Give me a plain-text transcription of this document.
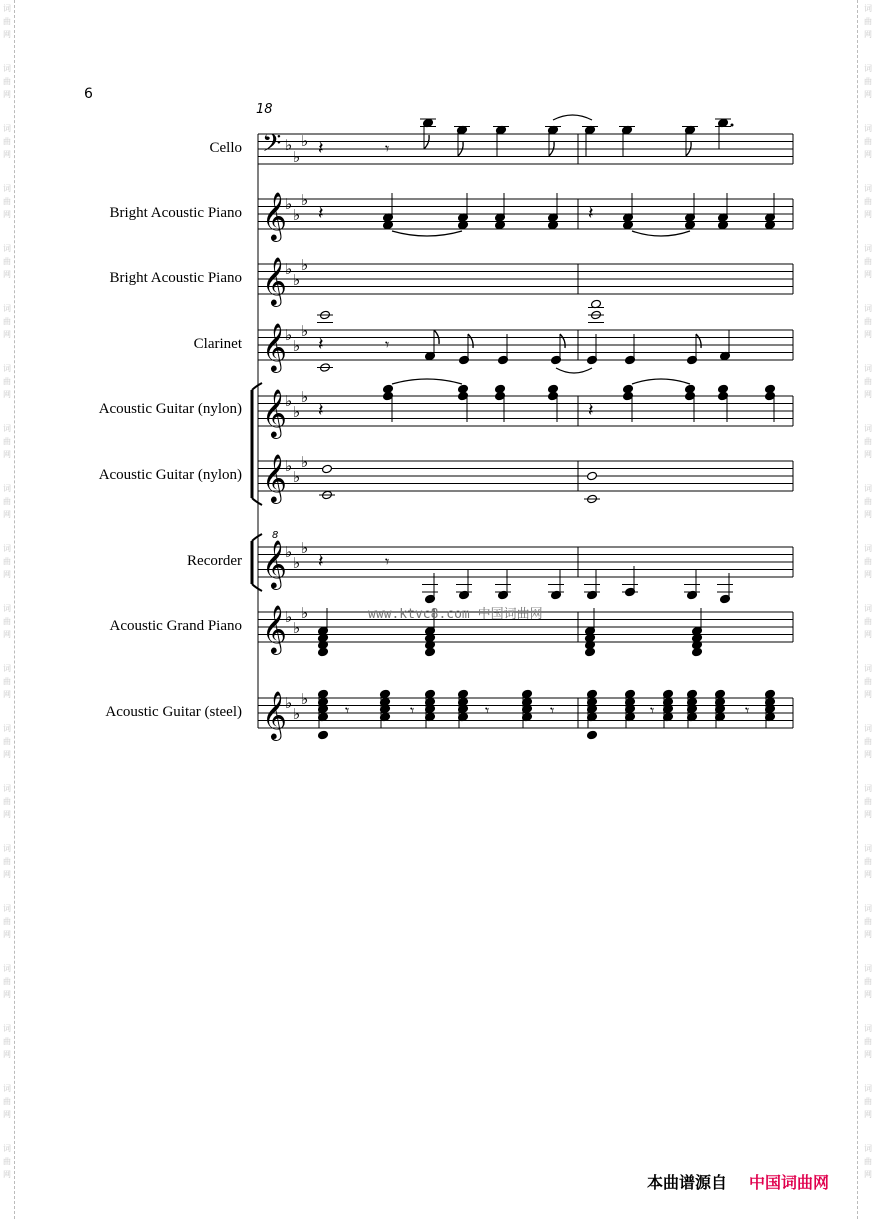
词
曲
网
词
曲
网
词
曲
网
词
曲
网
词
曲
网
词
曲
网
词
曲
网
词
曲
网
词
曲
网
词
曲
网
词
曲
网
词
曲
网
词
曲
网
词
曲
网
词
曲
网
词
曲
网
词
曲
网
词
曲
网
词
曲
网
词
曲
网
词
曲
网
词
曲
网
词
曲
网
词
曲
网
词
曲
网
词
曲
网
词
曲
网
词
曲
网
词
曲
网
词
曲
网
词
曲
网
词
曲
网
词
曲
网
词
曲
网
词
曲
网
词
曲
网
词
曲
网
词
曲
网
词
曲
网
词
曲
网
6
18
Cello
Bright Acoustic Piano
Bright Acoustic Piano
Clarinet
Acoustic Guitar (nylon)
Acoustic Guitar (nylon)
Recorder
Acoustic Grand Piano
Acoustic Guitar (steel)
𝄢 ♭
♭
♭
𝄞
♭
♭
♭
𝄞
♭
♭
♭
𝄞
♭
♭
♭
𝄞
♭
♭
♭
𝄞
♭
♭
♭
𝄞
♭
♭
♭
𝄞
♭
♭
♭
𝄞
♭
♭
♭
8
𝄽	𝄾
𝄽	𝄽
𝄽	𝄾
𝄽	𝄽
𝄽	𝄾
𝄾	𝄾	𝄾	𝄾	𝄾	𝄾
www.ktvc8.com 中国词曲网
本曲谱源自 中国词曲网
